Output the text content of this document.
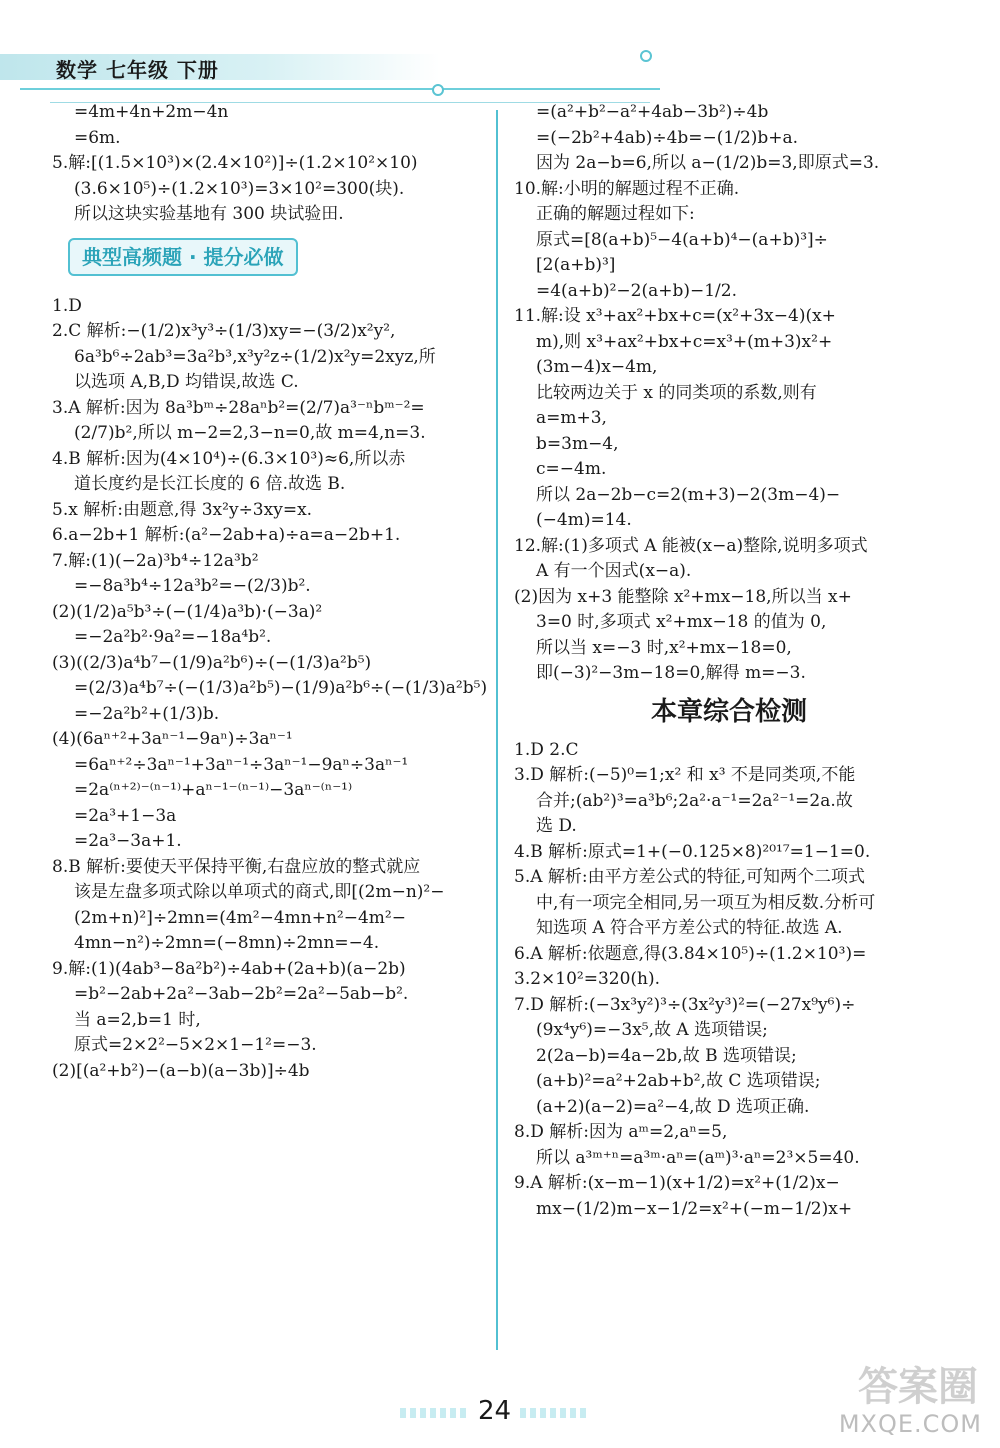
数学 七年级 下册
=4m+4n+2m−4n
=6m.
5.解:[(1.5×10³)×(2.4×10²)]÷(1.2×10²×10)
(3.6×10⁵)÷(1.2×10³)=3×10²=300(块).
所以这块实验基地有 300 块试验田.
典型高频题 · 提分必做
1.D
2.C 解析:−(1/2)x³y³÷(1/3)xy=−(3/2)x²y²,
6a³b⁶÷2ab³=3a²b³,x³y²z÷(1/2)x²y=2xyz,所
以选项 A,B,D 均错误,故选 C.
3.A 解析:因为 8a³bᵐ÷28aⁿb²=(2/7)a³⁻ⁿbᵐ⁻²=
(2/7)b²,所以 m−2=2,3−n=0,故 m=4,n=3.
4.B 解析:因为(4×10⁴)÷(6.3×10³)≈6,所以赤
道长度约是长江长度的 6 倍.故选 B.
5.x 解析:由题意,得 3x²y÷3xy=x.
6.a−2b+1 解析:(a²−2ab+a)÷a=a−2b+1.
7.解:(1)(−2a)³b⁴÷12a³b²
=−8a³b⁴÷12a³b²=−(2/3)b².
(2)(1/2)a⁵b³÷(−(1/4)a³b)·(−3a)²
=−2a²b²·9a²=−18a⁴b².
(3)((2/3)a⁴b⁷−(1/9)a²b⁶)÷(−(1/3)a²b⁵)
=(2/3)a⁴b⁷÷(−(1/3)a²b⁵)−(1/9)a²b⁶÷(−(1/3)a²b⁵)
=−2a²b²+(1/3)b.
(4)(6aⁿ⁺²+3aⁿ⁻¹−9aⁿ)÷3aⁿ⁻¹
=6aⁿ⁺²÷3aⁿ⁻¹+3aⁿ⁻¹÷3aⁿ⁻¹−9aⁿ÷3aⁿ⁻¹
=2a⁽ⁿ⁺²⁾⁻⁽ⁿ⁻¹⁾+aⁿ⁻¹⁻⁽ⁿ⁻¹⁾−3aⁿ⁻⁽ⁿ⁻¹⁾
=2a³+1−3a
=2a³−3a+1.
8.B 解析:要使天平保持平衡,右盘应放的整式就应
该是左盘多项式除以单项式的商式,即[(2m−n)²−
(2m+n)²]÷2mn=(4m²−4mn+n²−4m²−
4mn−n²)÷2mn=(−8mn)÷2mn=−4.
9.解:(1)(4ab³−8a²b²)÷4ab+(2a+b)(a−2b)
=b²−2ab+2a²−3ab−2b²=2a²−5ab−b².
当 a=2,b=1 时,
原式=2×2²−5×2×1−1²=−3.
(2)[(a²+b²)−(a−b)(a−3b)]÷4b
=(a²+b²−a²+4ab−3b²)÷4b
=(−2b²+4ab)÷4b=−(1/2)b+a.
因为 2a−b=6,所以 a−(1/2)b=3,即原式=3.
10.解:小明的解题过程不正确.
正确的解题过程如下:
原式=[8(a+b)⁵−4(a+b)⁴−(a+b)³]÷
[2(a+b)³]
=4(a+b)²−2(a+b)−1/2.
11.解:设 x³+ax²+bx+c=(x²+3x−4)(x+
m),则 x³+ax²+bx+c=x³+(m+3)x²+
(3m−4)x−4m,
比较两边关于 x 的同类项的系数,则有
a=m+3,
b=3m−4,
c=−4m.
所以 2a−2b−c=2(m+3)−2(3m−4)−
(−4m)=14.
12.解:(1)多项式 A 能被(x−a)整除,说明多项式
A 有一个因式(x−a).
(2)因为 x+3 能整除 x²+mx−18,所以当 x+
3=0 时,多项式 x²+mx−18 的值为 0,
所以当 x=−3 时,x²+mx−18=0,
即(−3)²−3m−18=0,解得 m=−3.
本章综合检测
1.D 2.C
3.D 解析:(−5)⁰=1;x² 和 x³ 不是同类项,不能
合并;(ab²)³=a³b⁶;2a²·a⁻¹=2a²⁻¹=2a.故
选 D.
4.B 解析:原式=1+(−0.125×8)²⁰¹⁷=1−1=0.
5.A 解析:由平方差公式的特征,可知两个二项式
中,有一项完全相同,另一项互为相反数.分析可
知选项 A 符合平方差公式的特征.故选 A.
6.A 解析:依题意,得(3.84×10⁵)÷(1.2×10³)=
3.2×10²=320(h).
7.D 解析:(−3x³y²)³÷(3x²y³)²=(−27x⁹y⁶)÷
(9x⁴y⁶)=−3x⁵,故 A 选项错误;
2(2a−b)=4a−2b,故 B 选项错误;
(a+b)²=a²+2ab+b²,故 C 选项错误;
(a+2)(a−2)=a²−4,故 D 选项正确.
8.D 解析:因为 aᵐ=2,aⁿ=5,
所以 a³ᵐ⁺ⁿ=a³ᵐ·aⁿ=(aᵐ)³·aⁿ=2³×5=40.
9.A 解析:(x−m−1)(x+1/2)=x²+(1/2)x−
mx−(1/2)m−x−1/2=x²+(−m−1/2)x+
24
答案圈
MXQE.COM
